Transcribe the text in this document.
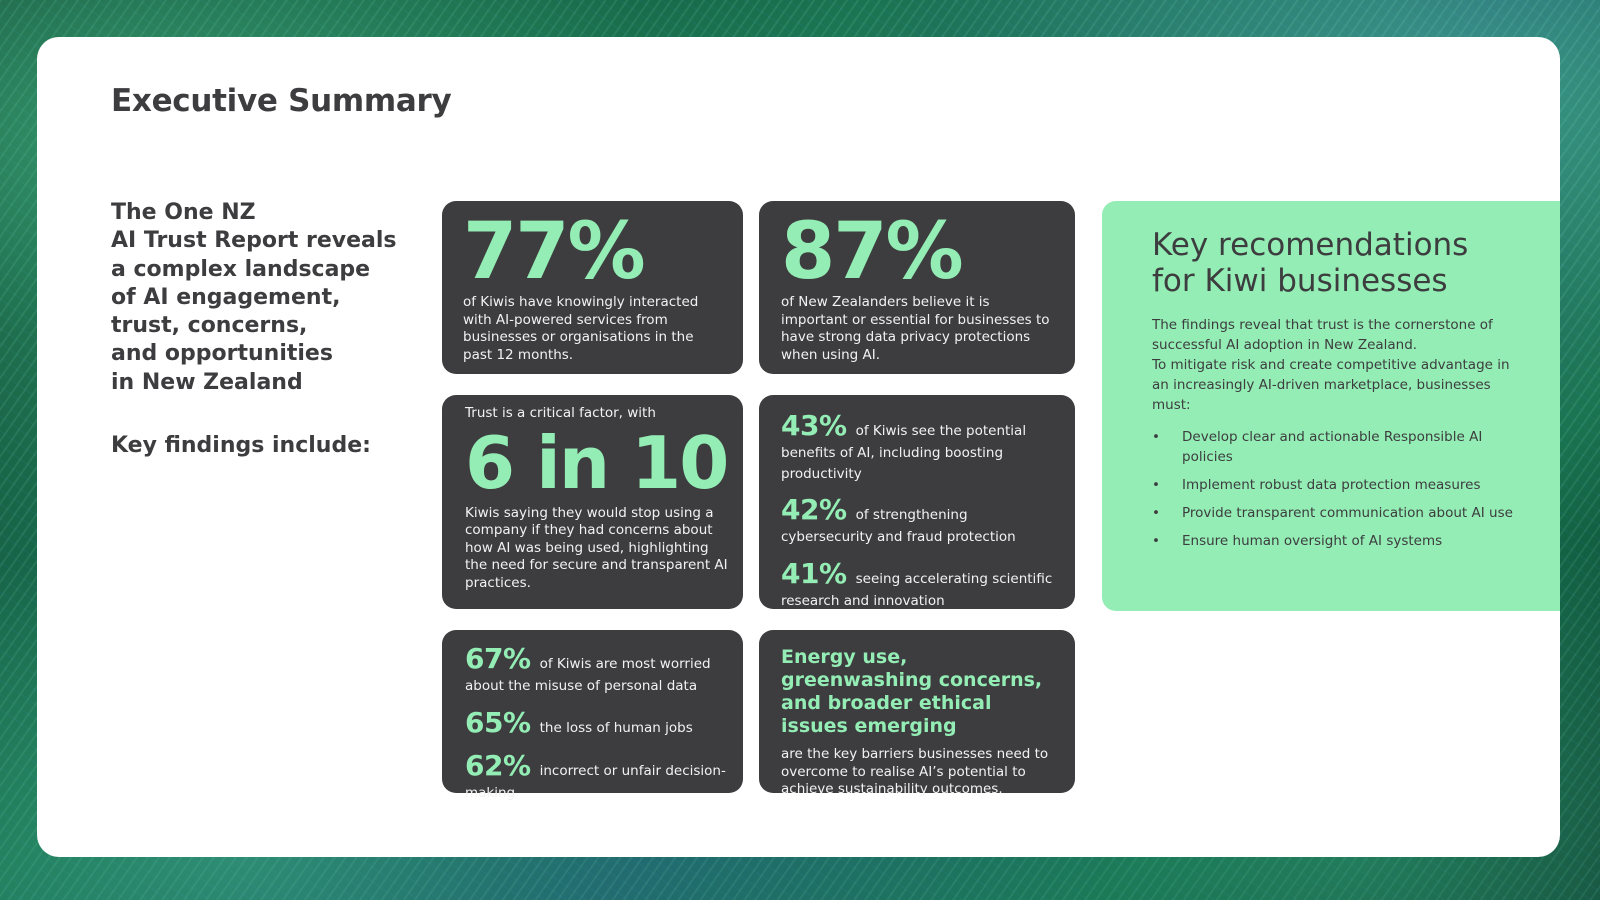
Executive Summary

The One NZ
AI Trust Report reveals
a complex landscape
of AI engagement,
trust, concerns,
and opportunities
in New Zealand

Key findings include:

77%
of Kiwis have knowingly interacted with AI-powered services from businesses or organisations in the past 12 months.
87%
of New Zealanders believe it is important or essential for businesses to have strong data privacy protections when using AI.
Trust is a critical factor, with
6 in 10
Kiwis saying they would stop using a company if they had concerns about how AI was being used, highlighting the need for secure and transparent AI practices.
43% of Kiwis see the potential benefits of AI, including boosting productivity
42% of strengthening cybersecurity and fraud protection
41% seeing accelerating scientific research and innovation
67% of Kiwis are most worried about the misuse of personal data
65% the loss of human jobs
62% incorrect or unfair decision-making
Energy use, greenwashing concerns, and broader ethical issues emerging
are the key barriers businesses need to overcome to realise AI’s potential to achieve sustainability outcomes.
Key recomendations
for Kiwi businesses

The findings reveal that trust is the cornerstone of successful AI adoption in New Zealand.
To mitigate risk and create competitive advantage in an increasingly AI-driven marketplace, businesses must:

• Develop clear and actionable Responsible AI policies
• Implement robust data protection measures
• Provide transparent communication about AI use
• Ensure human oversight of AI systems
